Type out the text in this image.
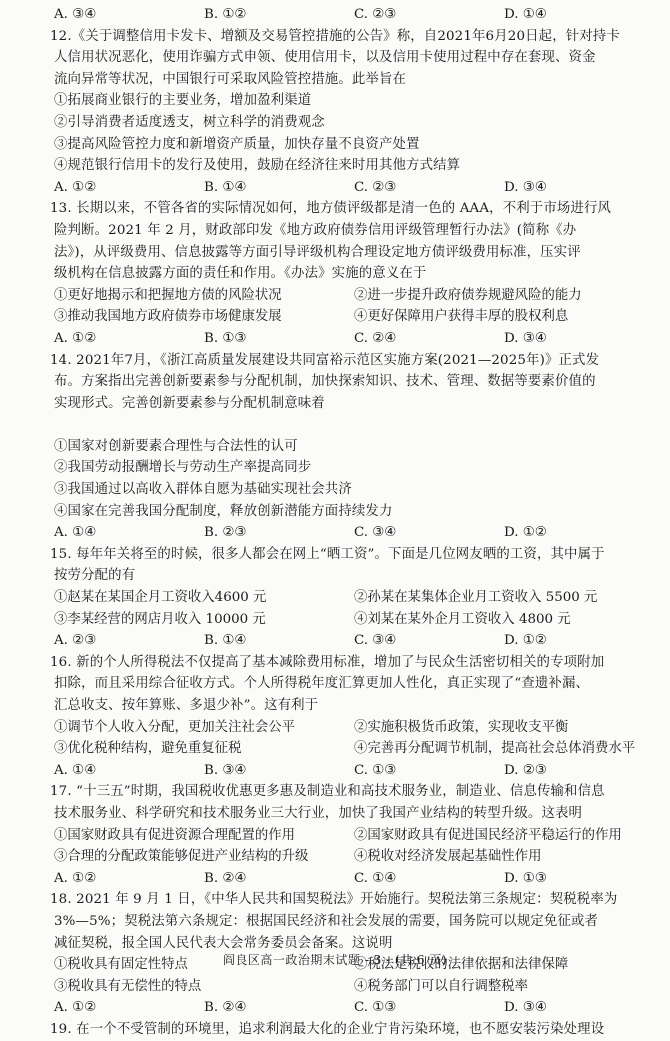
A. ③④	B. ①②	C. ②③	D. ①④
12.《关于调整信用卡发卡、增额及交易管控措施的公告》称，自2021年6月20日起，针对持卡
人信用状况恶化，使用诈骗方式申领、使用信用卡，以及信用卡使用过程中存在套现、资金
流向异常等状况，中国银行可采取风险管控措施。此举旨在
①拓展商业银行的主要业务，增加盈利渠道
②引导消费者适度透支，树立科学的消费观念
③提高风险管控力度和新增资产质量，加快存量不良资产处置
④规范银行信用卡的发行及使用，鼓励在经济往来时用其他方式结算
A. ①②	B. ①④	C. ②③	D. ③④
13. 长期以来，不管各省的实际情况如何，地方债评级都是清一色的 AAA，不利于市场进行风
险判断。2021 年 2 月，财政部印发《地方政府债券信用评级管理暂行办法》(简称《办
法》)，从评级费用、信息披露等方面引导评级机构合理设定地方债评级费用标准，压实评
级机构在信息披露方面的责任和作用。《办法》实施的意义在于
①更好地揭示和把握地方债的风险状况	②进一步提升政府债券规避风险的能力
③推动我国地方政府债券市场健康发展	④更好保障用户获得丰厚的股权利息
A. ①②	B. ①③	C. ②④	D. ③④
14. 2021年7月，《浙江高质量发展建设共同富裕示范区实施方案(2021—2025年)》正式发
布。方案指出完善创新要素参与分配机制，加快探索知识、技术、管理、数据等要素价值的
实现形式。完善创新要素参与分配机制意味着
①国家对创新要素合理性与合法性的认可
②我国劳动报酬增长与劳动生产率提高同步
③我国通过以高收入群体自愿为基础实现社会共济
④国家在完善我国分配制度，释放创新潜能方面持续发力
A. ①④	B. ②③	C. ③④	D. ①②
15. 每年年关将至的时候，很多人都会在网上“晒工资”。下面是几位网友晒的工资，其中属于
按劳分配的有
①赵某在某国企月工资收入4600 元	②孙某在某集体企业月工资收入 5500 元
③李某经营的网店月收入 10000 元	④刘某在某外企月工资收入 4800 元
A. ②③	B. ①④	C. ③④	D. ①②
16. 新的个人所得税法不仅提高了基本减除费用标准，增加了与民众生活密切相关的专项附加
扣除，而且采用综合征收方式。个人所得税年度汇算更加人性化，真正实现了“查遗补漏、
汇总收支、按年算账、多退少补”。这有利于
①调节个人收入分配，更加关注社会公平	②实施积极货币政策，实现收支平衡
③优化税种结构，避免重复征税	④完善再分配调节机制，提高社会总体消费水平
A. ①④	B. ③④	C. ①③	D. ②③
17. “十三五”时期，我国税收优惠更多惠及制造业和高技术服务业，制造业、信息传输和信息
技术服务业、科学研究和技术服务业三大行业，加快了我国产业结构的转型升级。这表明
①国家财政具有促进资源合理配置的作用	②国家财政具有促进国民经济平稳运行的作用
③合理的分配政策能够促进产业结构的升级	④税收对经济发展起基础性作用
A. ①②	B. ②④	C. ①④	D. ①③
18. 2021 年 9 月 1 日，《中华人民共和国契税法》开始施行。契税法第三条规定：契税税率为
3%—5%；契税法第六条规定：根据国民经济和社会发展的需要，国务院可以规定免征或者
减征契税，报全国人民代表大会常务委员会备案。这说明
①税收具有固定性特点	②税法是税收的法律依据和法律保障
③税收具有无偿性的特点	④税务部门可以自行调整税率
A. ①②	B. ②④	C. ①③	D. ③④
19. 在一个不受管制的环境里，追求利润最大化的企业宁肯污染环境，也不愿安装污染处理设
阎良区高一政治期末试题 - 3 - (共 6 页)
